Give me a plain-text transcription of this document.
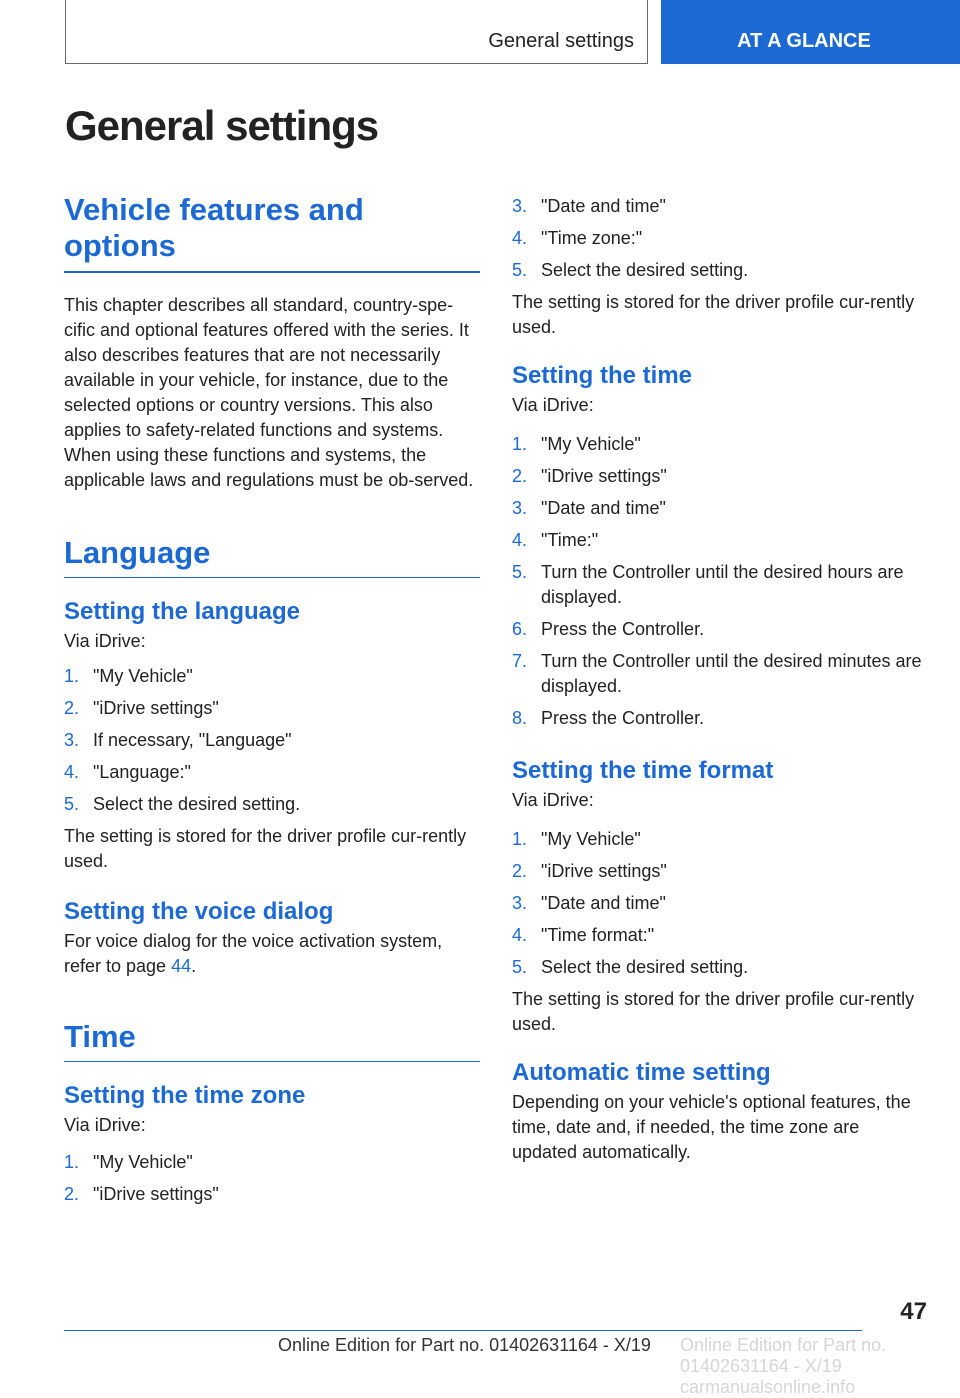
General settings	AT A GLANCE
General settings
Vehicle features and options

This chapter describes all standard, country-spe-cific and optional features offered with the series. It also describes features that are not necessarily available in your vehicle, for instance, due to the selected options or country versions. This also applies to safety-related functions and systems. When using these functions and systems, the applicable laws and regulations must be ob-served.

Language
Setting the language

Via iDrive:

1. "My Vehicle"
2. "iDrive settings"
3. If necessary, "Language"
4. "Language:"
5. Select the desired setting.

The setting is stored for the driver profile cur-rently used.

Setting the voice dialog

For voice dialog for the voice activation system, refer to page 44.

Time
Setting the time zone

Via iDrive:

1. "My Vehicle"
2. "iDrive settings"
3. "Date and time"
4. "Time zone:"
5. Select the desired setting.

The setting is stored for the driver profile cur-rently used.

Setting the time

Via iDrive:

1. "My Vehicle"
2. "iDrive settings"
3. "Date and time"
4. "Time:"
5. Turn the Controller until the desired hours are displayed.
6. Press the Controller.
7. Turn the Controller until the desired minutes are displayed.
8. Press the Controller.
Setting the time format

Via iDrive:

1. "My Vehicle"
2. "iDrive settings"
3. "Date and time"
4. "Time format:"
5. Select the desired setting.

The setting is stored for the driver profile cur-rently used.

Automatic time setting

Depending on your vehicle's optional features, the time, date and, if needed, the time zone are updated automatically.

47
Online Edition for Part no. 01402631164 - X/19 Online Edition for Part no. 01402631164 - X/19 carmanualsonline.info
